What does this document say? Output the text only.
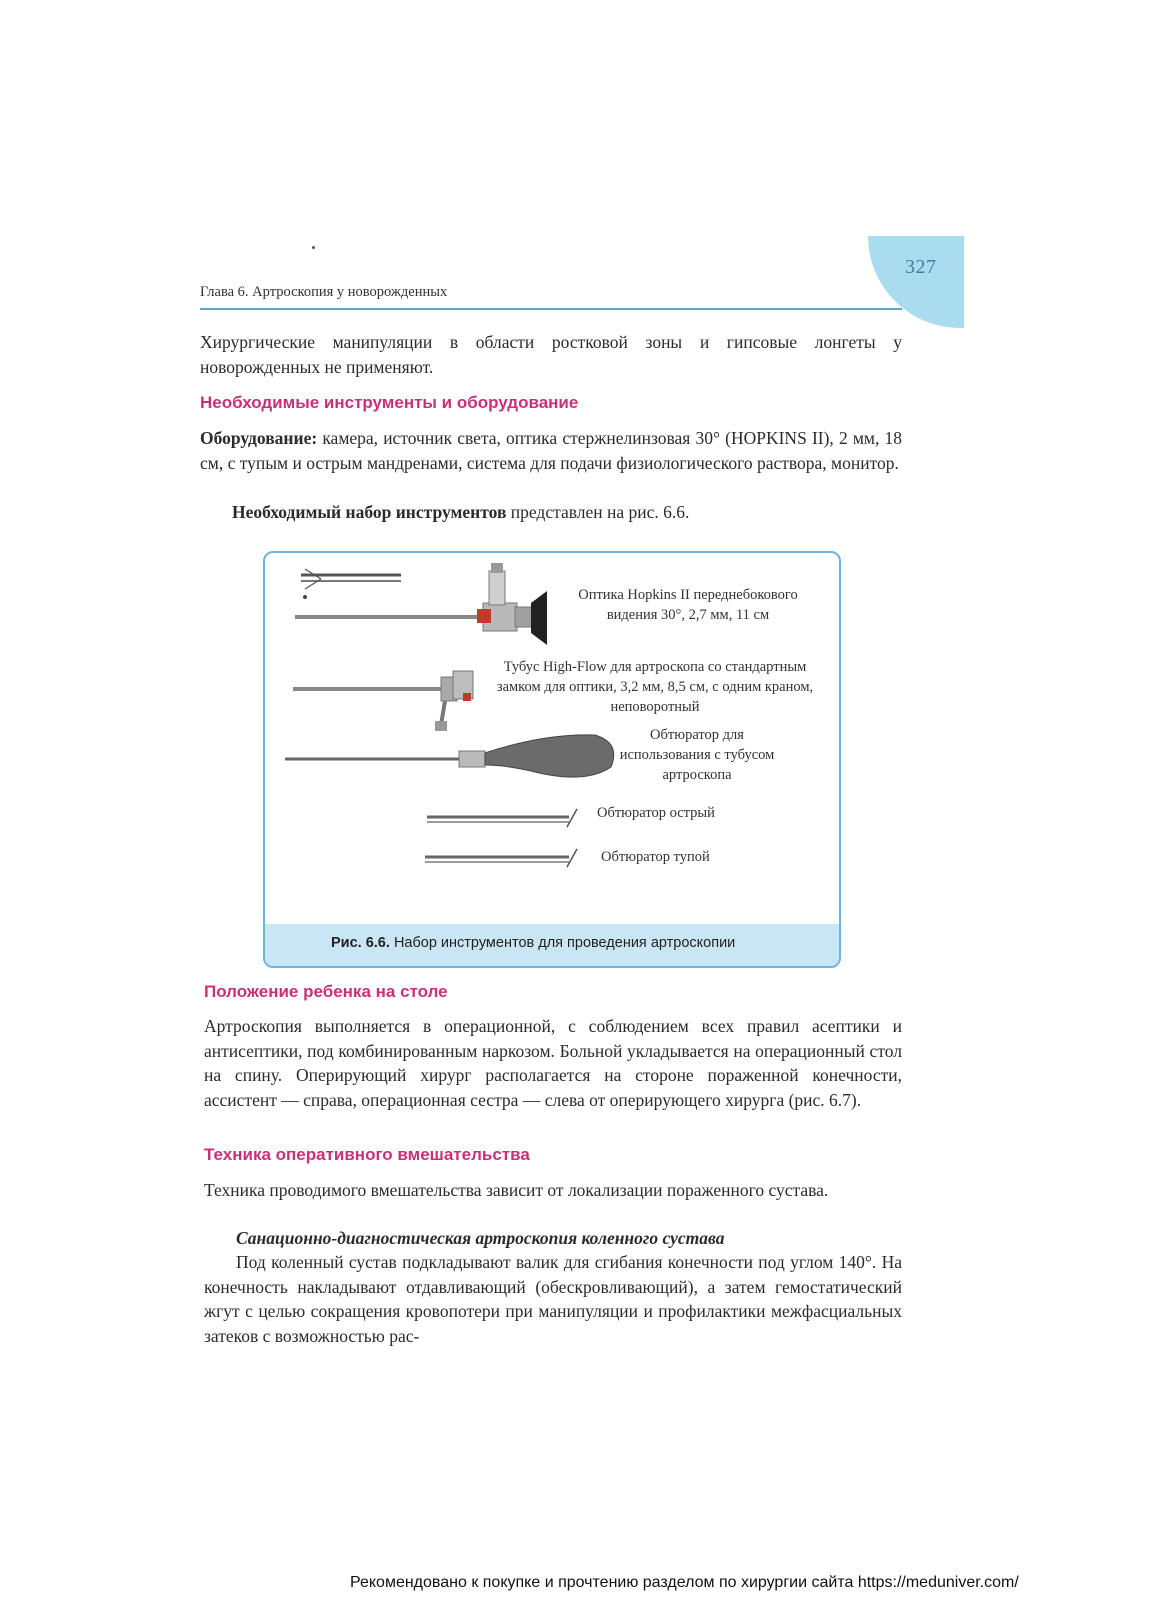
327
Глава 6. Артроскопия у новорожденных
Хирургические манипуляции в области ростковой зоны и гипсовые лонгеты у новорожденных не применяют.
Необходимые инструменты и оборудование
Оборудование: камера, источник света, оптика стержнелинзовая 30° (HOPKINS II), 2 мм, 18 см, с тупым и острым мандренами, система для подачи физиологического раствора, монитор.
Необходимый набор инструментов представлен на рис. 6.6.
Оптика Hopkins II переднебокового видения 30°, 2,7 мм, 11 см
Тубус High-Flow для артроскопа со стандартным замком для оптики, 3,2 мм, 8,5 см, с одним краном, неповоротный
Обтюратор для использования с тубусом артроскопа
Обтюратор острый
Обтюратор тупой
Рис. 6.6. Набор инструментов для проведения артроскопии
Положение ребенка на столе
Артроскопия выполняется в операционной, с соблюдением всех правил асептики и антисептики, под комбинированным наркозом. Больной укладывается на операционный стол на спину. Оперирующий хирург располагается на стороне пораженной конечности, ассистент — справа, операционная сестра — слева от оперирующего хирурга (рис. 6.7).
Техника оперативного вмешательства
Техника проводимого вмешательства зависит от локализации пораженного сустава.
Санационно-диагностическая артроскопия коленного сустава
Под коленный сустав подкладывают валик для сгибания конечности под углом 140°. На конечность накладывают отдавливающий (обескровливающий), а затем гемостатический жгут с целью сокращения кровопотери при манипуляции и профилактики межфасциальных затеков с возможностью рас-
Рекомендовано к покупке и прочтению разделом по хирургии сайта https://meduniver.com/
